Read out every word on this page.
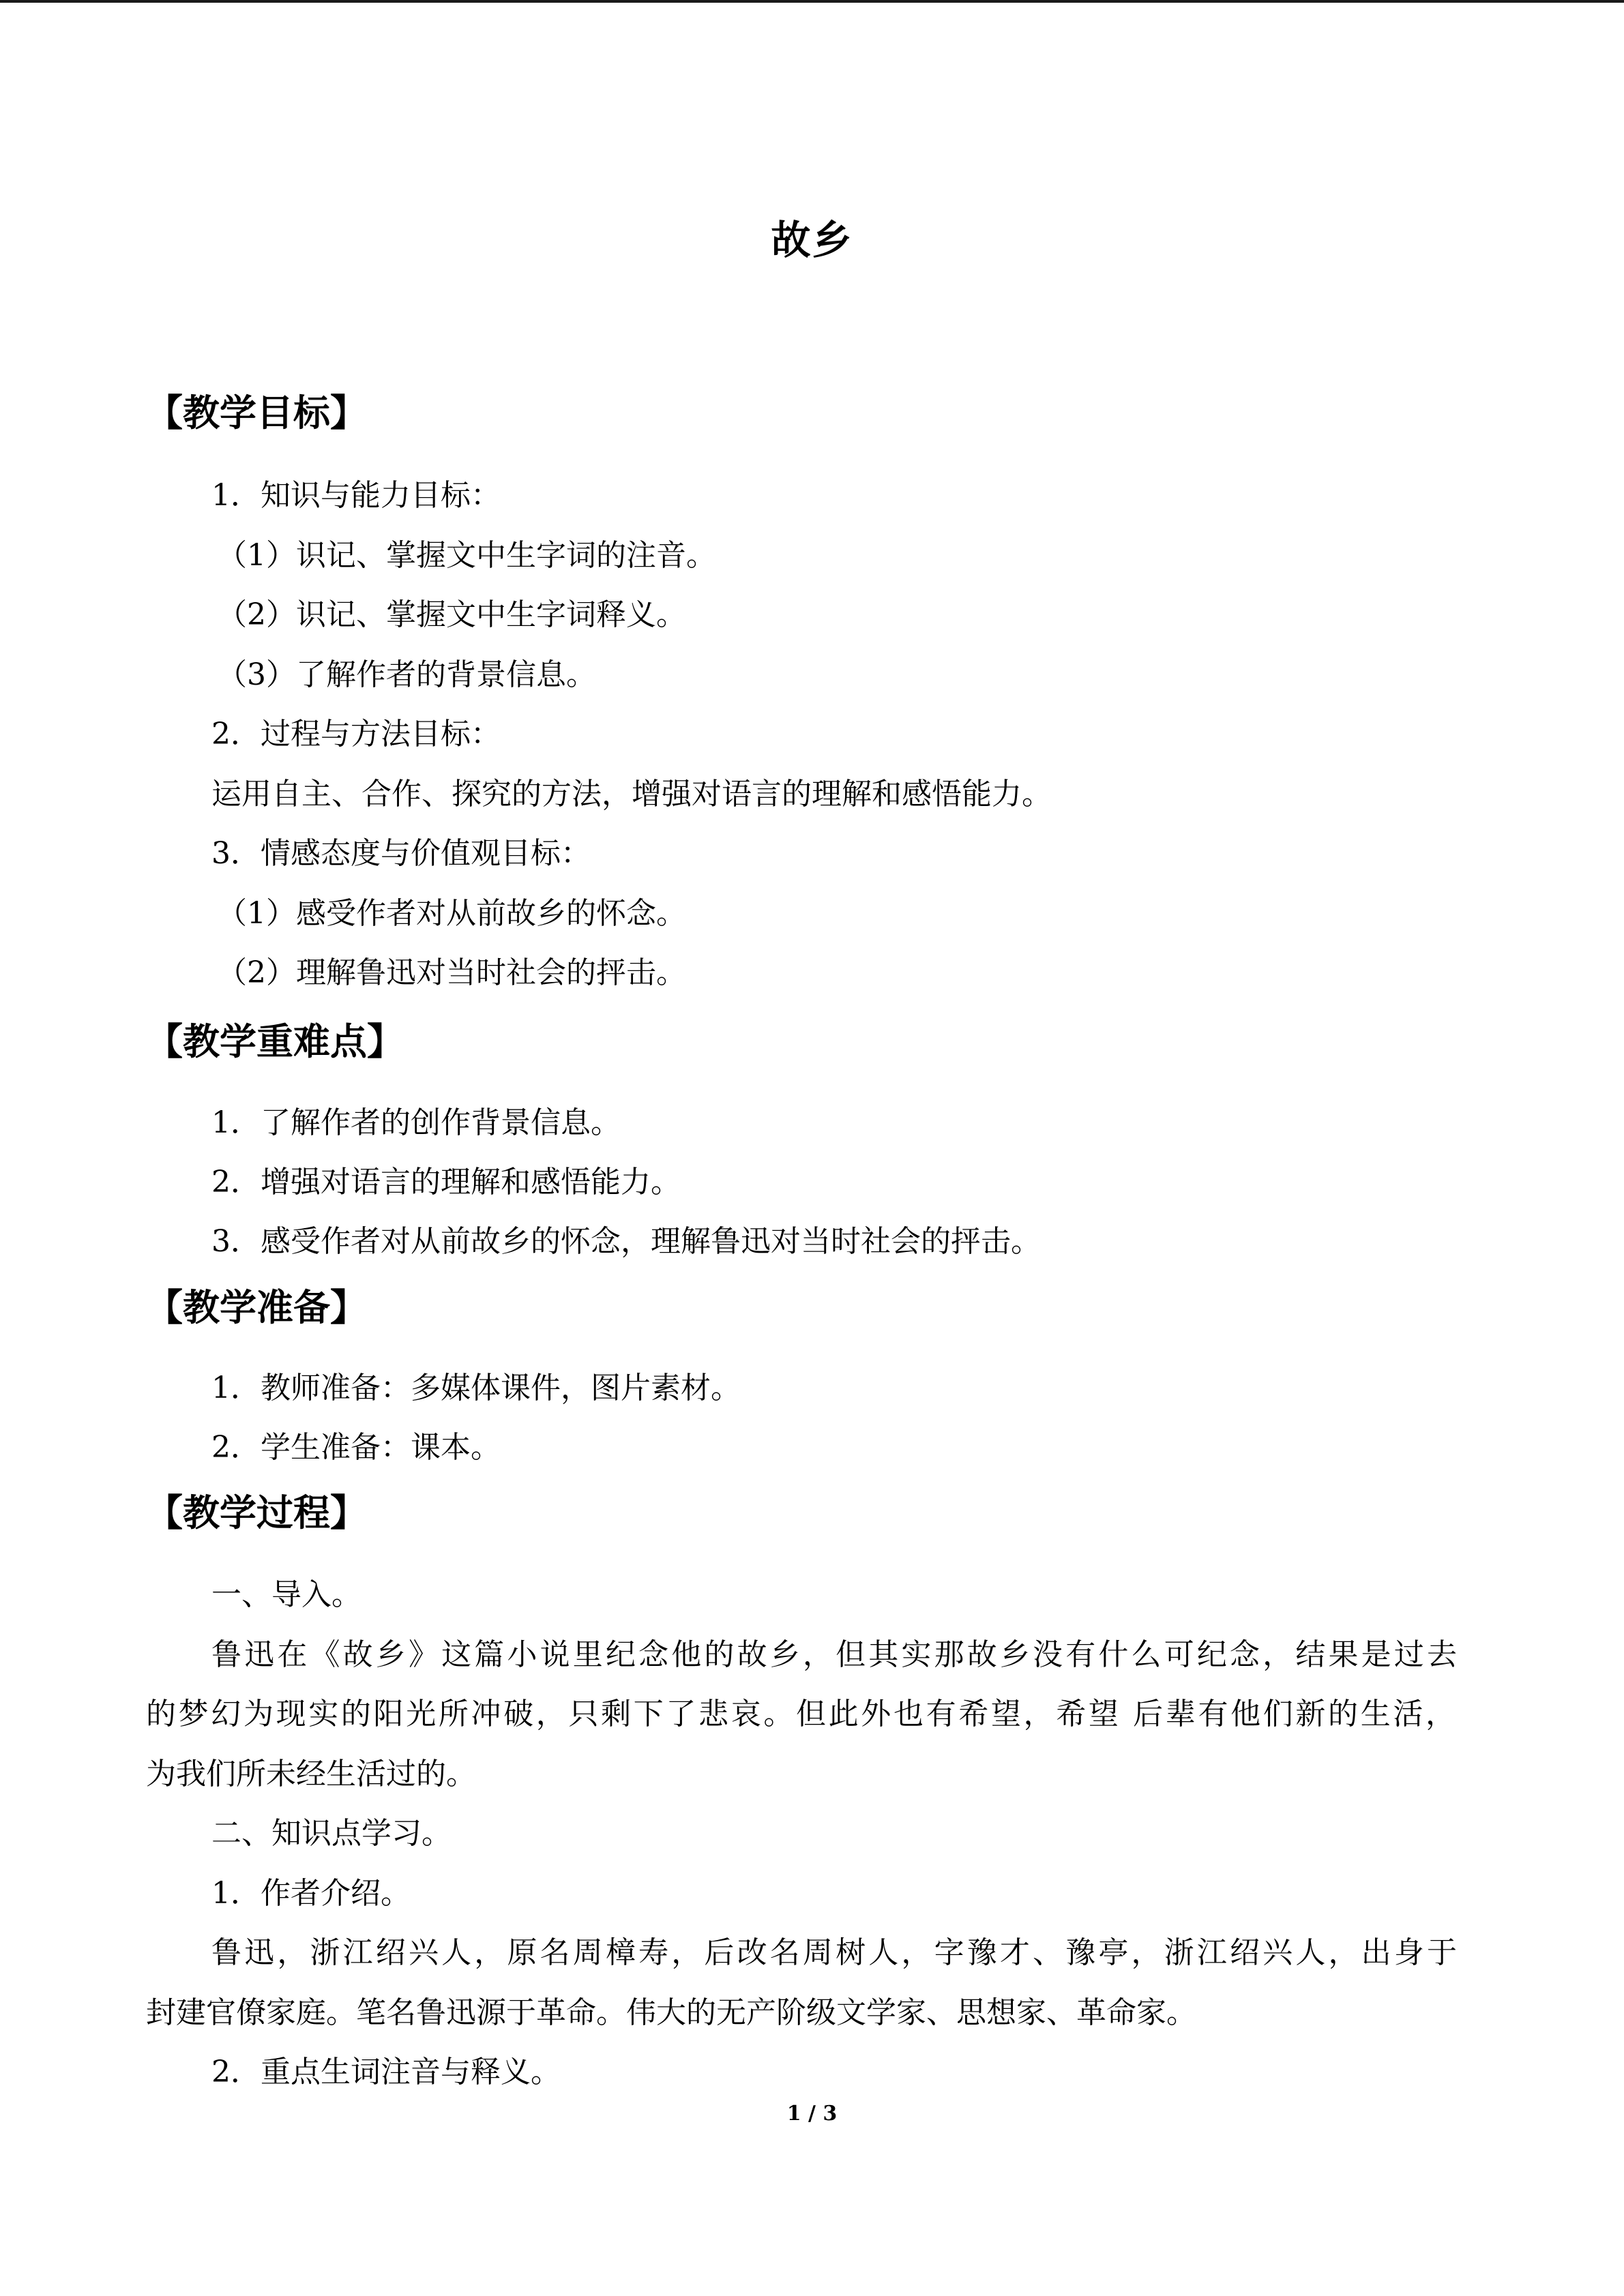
故乡
【教学目标】
1．知识与能力目标：
（1）识记、掌握文中生字词的注音。
（2）识记、掌握文中生字词释义。
（3）了解作者的背景信息。
2．过程与方法目标：
运用自主、合作、探究的方法，增强对语言的理解和感悟能力。
3．情感态度与价值观目标：
（1）感受作者对从前故乡的怀念。
（2）理解鲁迅对当时社会的抨击。
【教学重难点】
1．了解作者的创作背景信息。
2．增强对语言的理解和感悟能力。
3．感受作者对从前故乡的怀念，理解鲁迅对当时社会的抨击。
【教学准备】
1．教师准备：多媒体课件，图片素材。
2．学生准备：课本。
【教学过程】
一、导入。
鲁迅在《故乡》这篇小说里纪念他的故乡，但其实那故乡没有什么可纪念，结果是过去
的梦幻为现实的阳光所冲破，只剩下了悲哀。但此外也有希望，希望 后辈有他们新的生活，
为我们所未经生活过的。
二、知识点学习。
1．作者介绍。
鲁迅，浙江绍兴人，原名周樟寿，后改名周树人，字豫才、豫亭，浙江绍兴人，出身于
封建官僚家庭。笔名鲁迅源于革命。伟大的无产阶级文学家、思想家、革命家。
2．重点生词注音与释义。
1 / 3
